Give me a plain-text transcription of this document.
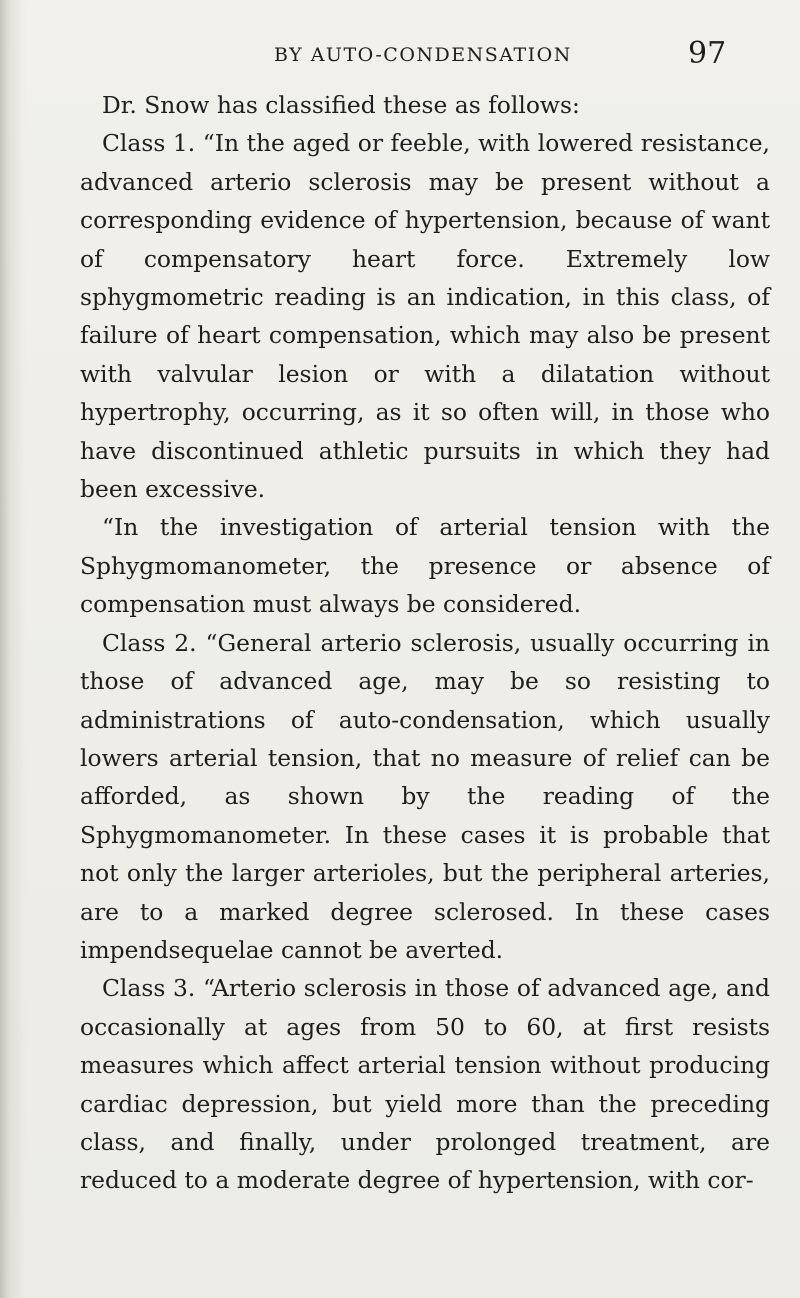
BY AUTO-CONDENSATION	97

Dr. Snow has classified these as follows:

Class 1. “In the aged or feeble, with lowered resistance, advanced arterio sclerosis may be present without a corresponding evidence of hypertension, because of want of compensatory heart force. Extremely low sphygmometric reading is an indication, in this class, of failure of heart compensation, which may also be present with valvular lesion or with a dilatation without hypertrophy, occurring, as it so often will, in those who have discontinued athletic pursuits in which they had been excessive.

“In the investigation of arterial tension with the Sphygmomanometer, the presence or absence of compensation must always be considered.

Class 2. “General arterio sclerosis, usually occurring in those of advanced age, may be so resisting to administrations of auto-condensation, which usually lowers arterial tension, that no measure of relief can be afforded, as shown by the reading of the Sphygmomanometer. In these cases it is probable that not only the larger arterioles, but the peripheral arteries, are to a marked degree sclerosed. In these cases impendsequelae cannot be averted.

Class 3. “Arterio sclerosis in those of advanced age, and occasionally at ages from 50 to 60, at first resists measures which affect arterial tension without producing cardiac depression, but yield more than the preceding class, and finally, under prolonged treatment, are reduced to a moderate degree of hypertension, with cor-
